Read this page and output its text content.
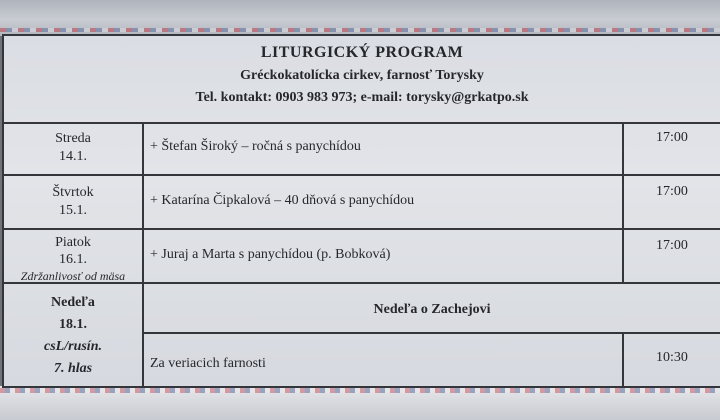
LITURGICKÝ PROGRAM
Gréckokatolícka cirkev, farnosť Torysky
Tel. kontakt: 0903 983 973; e-mail: torysky@grkatpo.sk
Streda
14.1.
+ Štefan Široký – ročná s panychídou
17:00
Štvrtok
15.1.
+ Katarína Čipkalová – 40 dňová s panychídou
17:00
Piatok
16.1.
Zdržanlivosť od mäsa
+ Juraj a Marta s panychídou (p. Bobková)
17:00
Nedeľa
18.1.
csL/rusín.
7. hlas
Nedeľa o Zachejovi
Za veriacich farnosti	10:30
